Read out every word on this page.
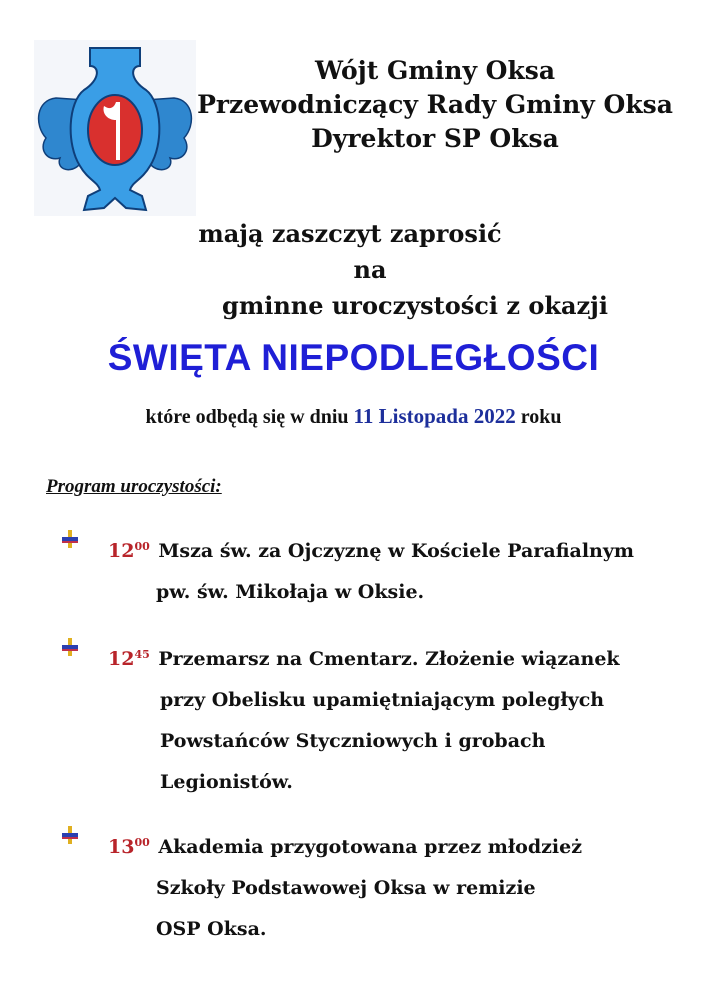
Wójt Gminy Oksa
Przewodniczący Rady Gminy Oksa
Dyrektor SP Oksa
mają zaszczyt zaprosić
na
gminne uroczystości z okazji
ŚWIĘTA NIEPODLEGŁOŚCI
które odbędą się w dniu 11 Listopada 2022 roku
Program uroczystości:
$12^{00}$ Msza św. za Ojczyznę w Kościele Parafialnym
pw. św. Mikołaja w Oksie.
$12^{45}$ Przemarsz na Cmentarz. Złożenie wiązanek
przy Obelisku upamiętniającym poległych
Powstańców Styczniowych i grobach
Legionistów.
$13^{00}$ Akademia przygotowana przez młodzież
Szkoły Podstawowej Oksa w remizie
OSP Oksa.
